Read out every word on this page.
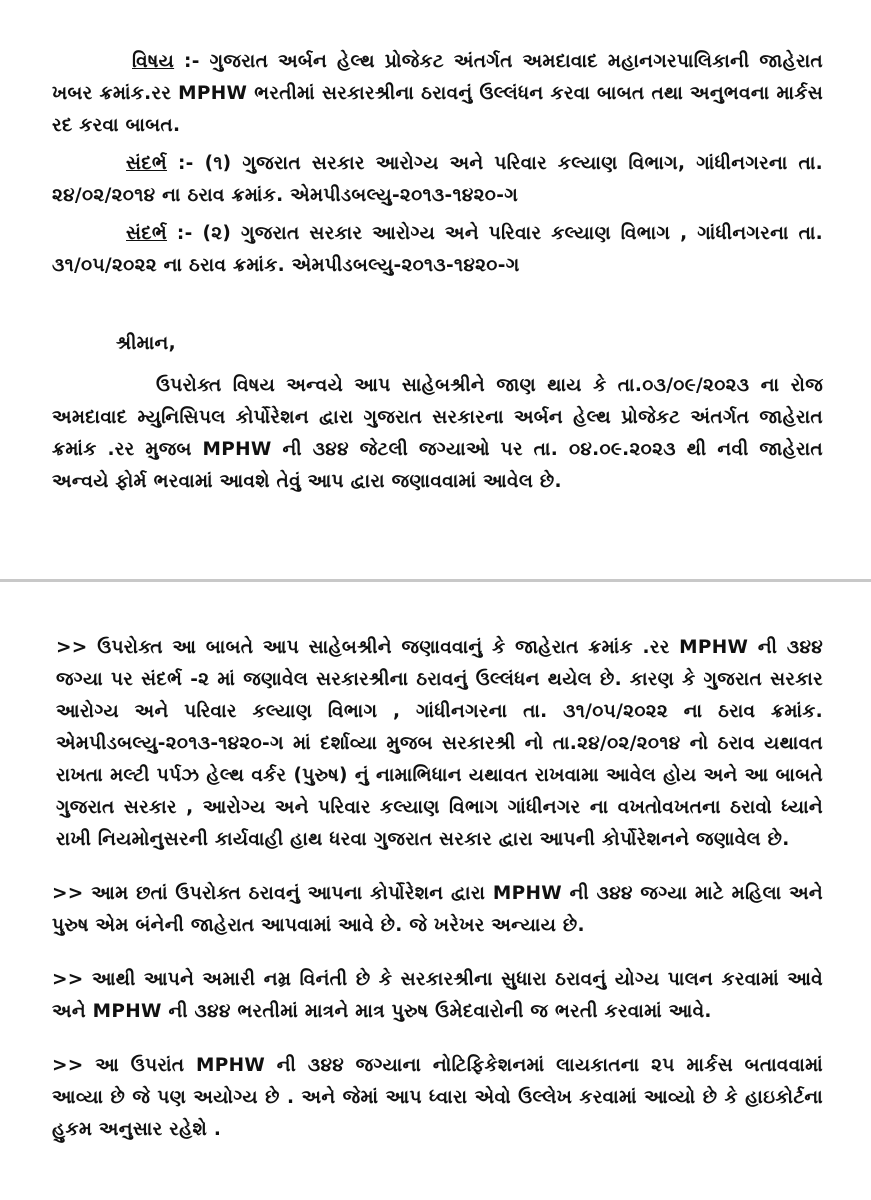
વિષય :- ગુજરાત અર્બન હેલ્થ પ્રોજેકટ અંતર્ગત અમદાવાદ મહાનગરપાલિકાની જાહેરાત ખબર ક્રમાંક.રર MPHW ભરતીમાં સરકારશ્રીના ઠરાવનું ઉલ્લંધન કરવા બાબત તથા અનુભવના માર્કસ રદ કરવા બાબત.

સંદર્ભ :- (૧) ગુજરાત સરકાર આરોગ્ય અને પરિવાર કલ્યાણ વિભાગ, ગાંધીનગરના તા. ૨૪/૦૨/૨૦૧૪ ના ઠરાવ ક્રમાંક. એમપીડબલ્યુ-૨૦૧૩-૧૪૨૦-ગ

સંદર્ભ :- (૨) ગુજરાત સરકાર આરોગ્ય અને પરિવાર કલ્યાણ વિભાગ , ગાંધીનગરના તા. ૩૧/૦૫/૨૦૨૨ ના ઠરાવ ક્રમાંક. એમપીડબલ્યુ-૨૦૧૩-૧૪૨૦-ગ

શ્રીમાન,

ઉપરોક્ત વિષય અન્વયે આપ સાહેબશ્રીને જાણ થાય કે તા.૦૩/૦૯/૨૦૨૩ ના રોજ અમદાવાદ મ્યુનિસિપલ કોર્પોરેશન દ્વારા ગુજરાત સરકારના અર્બન હેલ્થ પ્રોજેકટ અંતર્ગત જાહેરાત ક્રમાંક .રર મુજબ MPHW ની ૩૪૪ જેટલી જગ્યાઓ પર તા. ૦૪.૦૯.૨૦૨૩ થી નવી જાહેરાત અન્વયે ફોર્મ ભરવામાં આવશે તેવું આપ દ્વારા જણાવવામાં આવેલ છે.

>> ઉપરોક્ત આ બાબતે આપ સાહેબશ્રીને જણાવવાનું કે જાહેરાત ક્રમાંક .રર MPHW ની ૩૪૪ જગ્યા પર સંદર્ભ -૨ માં જણાવેલ સરકારશ્રીના ઠરાવનું ઉલ્લંધન થયેલ છે. કારણ કે ગુજરાત સરકાર આરોગ્ય અને પરિવાર કલ્યાણ વિભાગ , ગાંધીનગરના તા. ૩૧/૦૫/૨૦૨૨ ના ઠરાવ ક્રમાંક. એમપીડબલ્યુ-૨૦૧૩-૧૪૨૦-ગ માં દર્શાવ્યા મુજબ સરકારશ્રી નો તા.૨૪/૦૨/૨૦૧૪ નો ઠરાવ યથાવત રાખતા મલ્ટી પર્પઝ હેલ્થ વર્કર (પુરુષ) નું નામાભિધાન યથાવત રાખવામા આવેલ હોય અને આ બાબતે ગુજરાત સરકાર , આરોગ્ય અને પરિવાર કલ્યાણ વિભાગ ગાંધીનગર ના વખતોવખતના ઠરાવો ધ્યાને રાખી નિયમોનુસરની કાર્યવાહી હાથ ધરવા ગુજરાત સરકાર દ્વારા આપની કોર્પોરેશનને જણાવેલ છે.

>> આમ છતાં ઉપરોક્ત ઠરાવનું આપના કોર્પોરેશન દ્વારા MPHW ની ૩૪૪ જગ્યા માટે મહિલા અને પુરુષ એમ બંનેની જાહેરાત આપવામાં આવે છે. જે ખરેખર અન્યાય છે.

>> આથી આપને અમારી નમ્ર વિનંતી છે કે સરકારશ્રીના સુધારા ઠરાવનું યોગ્ય પાલન કરવામાં આવે અને MPHW ની ૩૪૪ ભરતીમાં માત્રને માત્ર પુરુષ ઉમેદવારોની જ ભરતી કરવામાં આવે.

>> આ ઉપરાંત MPHW ની ૩૪૪ જગ્યાના નોટિફિકેશનમાં લાયકાતના ૨૫ માર્કસ બતાવવામાં આવ્યા છે જે પણ અયોગ્ય છે . અને જેમાં આપ ધ્વારા એવો ઉલ્લેખ કરવામાં આવ્યો છે કે હાઇકોર્ટના હુકમ અનુસાર રહેશે .
